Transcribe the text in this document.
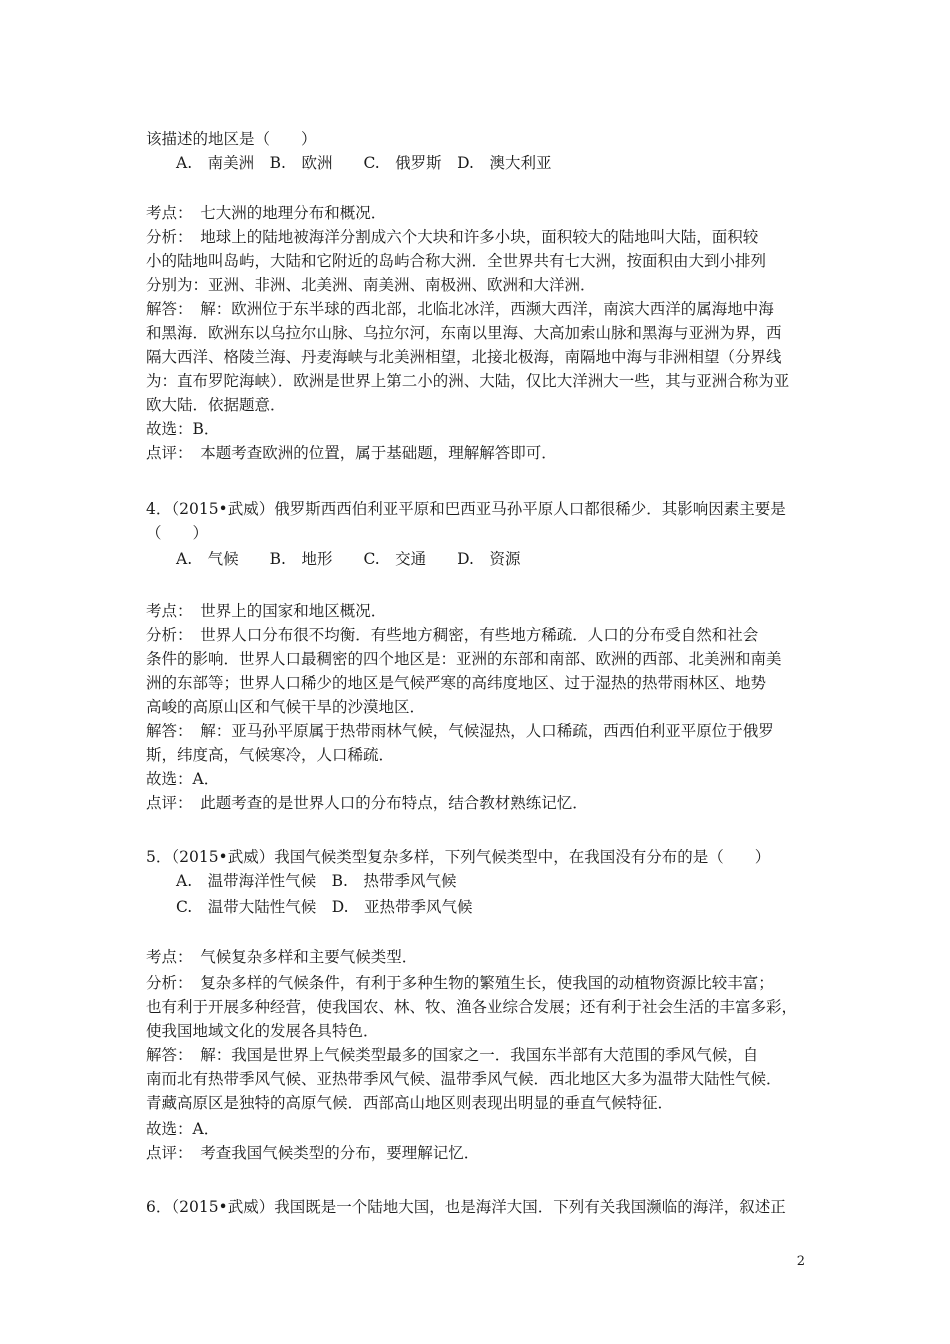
该描述的地区是（　　）
A.　南美洲　B.　欧洲　　C.　俄罗斯　D.　澳大利亚
考点：　七大洲的地理分布和概况．
分析：　地球上的陆地被海洋分割成六个大块和许多小块，面积较大的陆地叫大陆，面积较
小的陆地叫岛屿，大陆和它附近的岛屿合称大洲．全世界共有七大洲，按面积由大到小排列
分别为：亚洲、非洲、北美洲、南美洲、南极洲、欧洲和大洋洲．
解答：　解：欧洲位于东半球的西北部，北临北冰洋，西濒大西洋，南滨大西洋的属海地中海
和黑海．欧洲东以乌拉尔山脉、乌拉尔河，东南以里海、大高加索山脉和黑海与亚洲为界，西
隔大西洋、格陵兰海、丹麦海峡与北美洲相望，北接北极海，南隔地中海与非洲相望（分界线
为：直布罗陀海峡）．欧洲是世界上第二小的洲、大陆，仅比大洋洲大一些，其与亚洲合称为亚
欧大陆．依据题意．
故选：B．
点评：　本题考查欧洲的位置，属于基础题，理解解答即可．
4．（2015•武威）俄罗斯西西伯利亚平原和巴西亚马孙平原人口都很稀少．其影响因素主要是
（　　）
A.　气候　　B.　地形　　C.　交通　　D.　资源
考点：　世界上的国家和地区概况．
分析：　世界人口分布很不均衡．有些地方稠密，有些地方稀疏．人口的分布受自然和社会
条件的影响．世界人口最稠密的四个地区是：亚洲的东部和南部、欧洲的西部、北美洲和南美
洲的东部等；世界人口稀少的地区是气候严寒的高纬度地区、过于湿热的热带雨林区、地势
高峻的高原山区和气候干旱的沙漠地区．
解答：　解：亚马孙平原属于热带雨林气候，气候湿热，人口稀疏，西西伯利亚平原位于俄罗
斯，纬度高，气候寒冷，人口稀疏．
故选：A．
点评：　此题考查的是世界人口的分布特点，结合教材熟练记忆．
5．（2015•武威）我国气候类型复杂多样，下列气候类型中，在我国没有分布的是（　　）
A.　温带海洋性气候　B.　热带季风气候
C.　温带大陆性气候　D.　亚热带季风气候
考点：　气候复杂多样和主要气候类型．
分析：　复杂多样的气候条件，有利于多种生物的繁殖生长，使我国的动植物资源比较丰富；
也有利于开展多种经营，使我国农、林、牧、渔各业综合发展；还有利于社会生活的丰富多彩，
使我国地域文化的发展各具特色．
解答：　解：我国是世界上气候类型最多的国家之一．我国东半部有大范围的季风气候，自
南而北有热带季风气候、亚热带季风气候、温带季风气候．西北地区大多为温带大陆性气候．
青藏高原区是独特的高原气候．西部高山地区则表现出明显的垂直气候特征．
故选：A．
点评：　考查我国气候类型的分布，要理解记忆．
6．（2015•武威）我国既是一个陆地大国，也是海洋大国．下列有关我国濒临的海洋，叙述正
2
